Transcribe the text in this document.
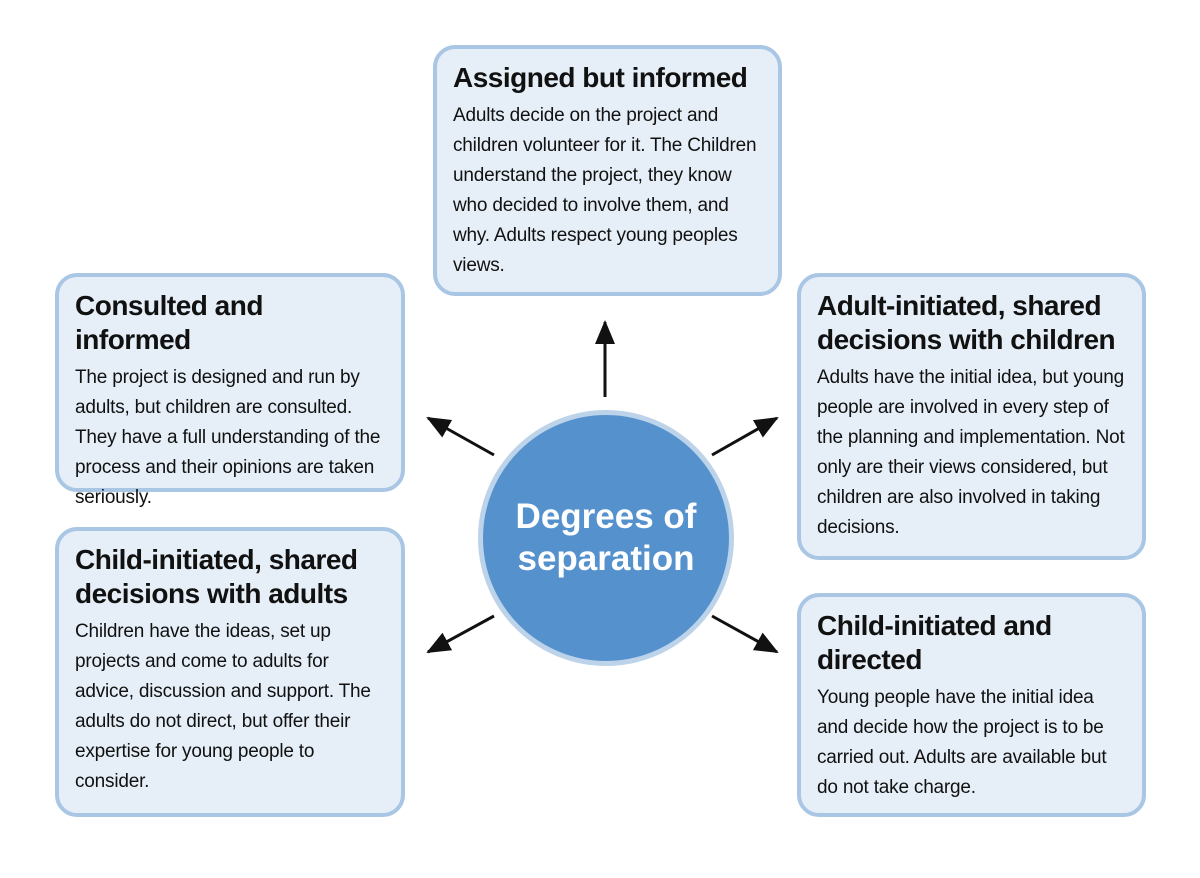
Assigned but informed

Adults decide on the project and children volunteer for it. The Children understand the project, they know who decided to involve them, and why. Adults respect young peoples views.

Consulted and informed

The project is designed and run by adults, but children are consulted. They have a full understanding of the process and their opinions are taken seriously.

Adult-initiated, shared decisions with children

Adults have the initial idea, but young people are involved in every step of the planning and implementation. Not only are their views considered, but children are also involved in taking decisions.

Child-initiated, shared decisions with adults

Children have the ideas, set up projects and come to adults for advice, discussion and support. The adults do not direct, but offer their expertise for young people to consider.

Child-initiated and directed

Young people have the initial idea and decide how the project is to be carried out. Adults are available but do not take charge.

Degrees of separation
